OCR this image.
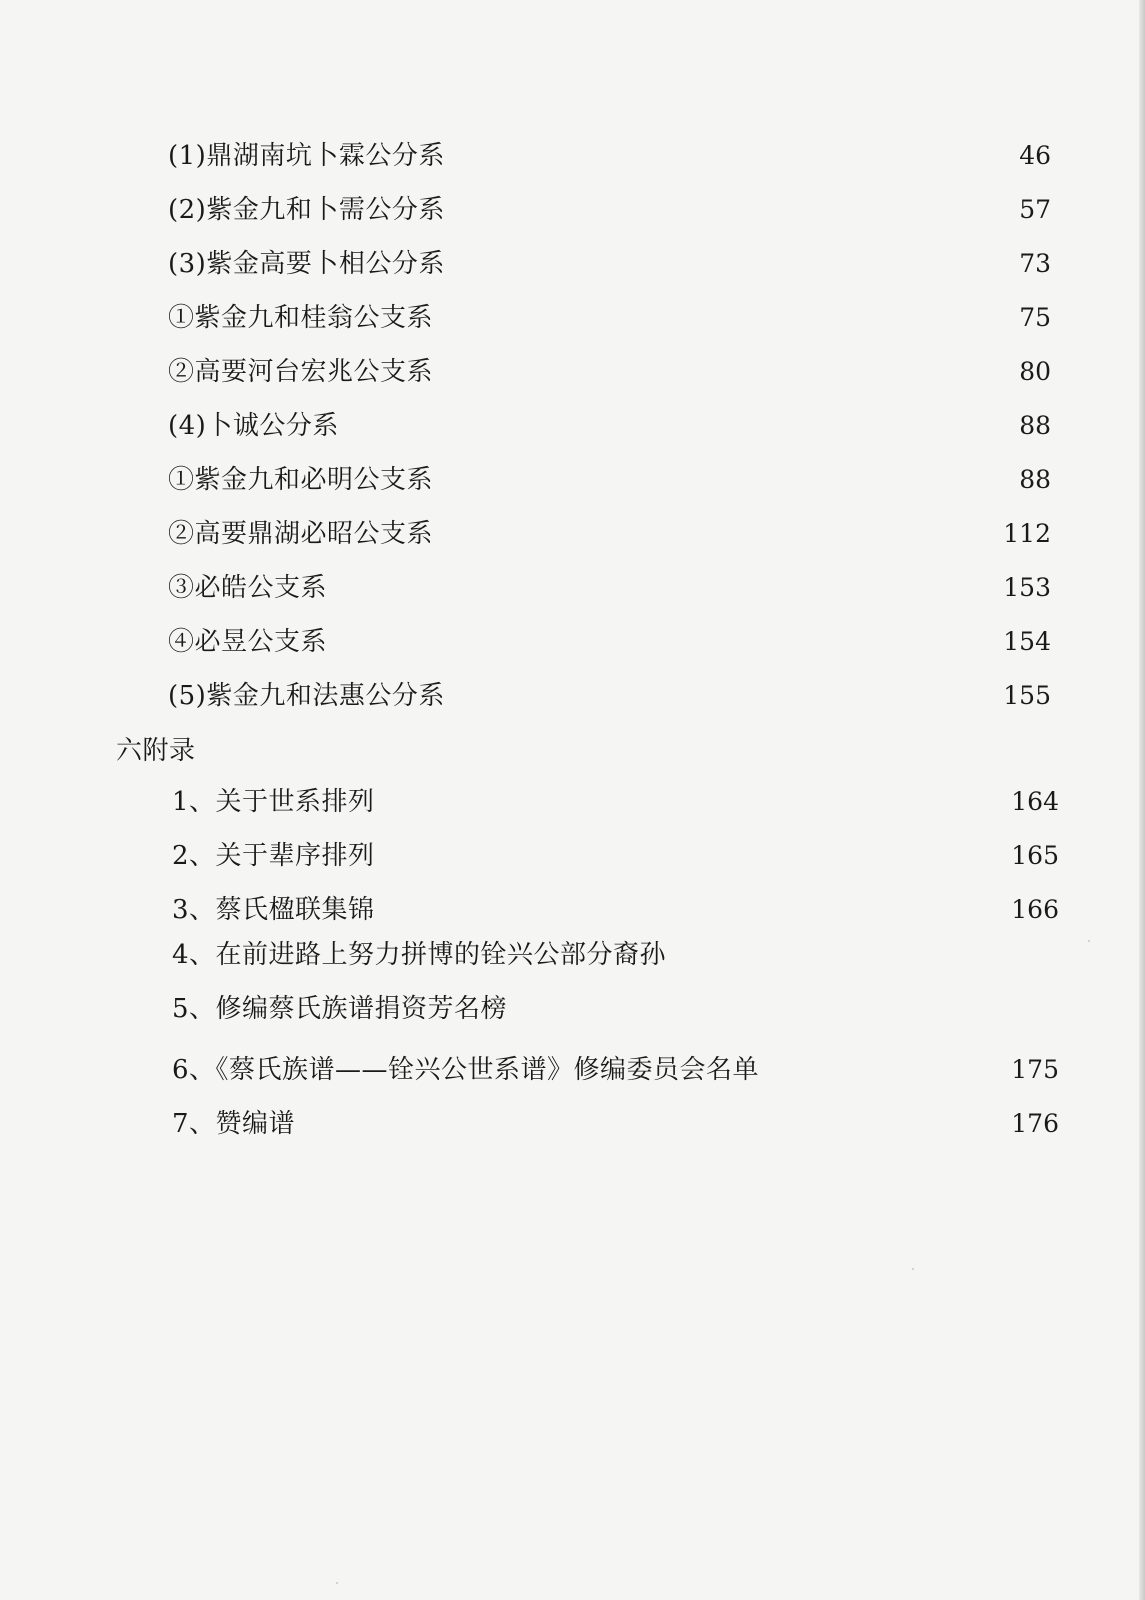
(1)鼎湖南坑卜霖公分系	46
(2)紫金九和卜需公分系	57
(3)紫金高要卜相公分系	73
①紫金九和桂翁公支系	75
②高要河台宏兆公支系	80
(4)卜诚公分系	88
①紫金九和必明公支系	88
②高要鼎湖必昭公支系	112
③必皓公支系	153
④必昱公支系	154
(5)紫金九和法惠公分系	155
六附录
1、关于世系排列	164
2、关于辈序排列	165
3、蔡氏楹联集锦	166
4、在前进路上努力拼博的铨兴公部分裔孙
5、修编蔡氏族谱捐资芳名榜
6、《蔡氏族谱——铨兴公世系谱》修编委员会名单	175
7、赞编谱	176
